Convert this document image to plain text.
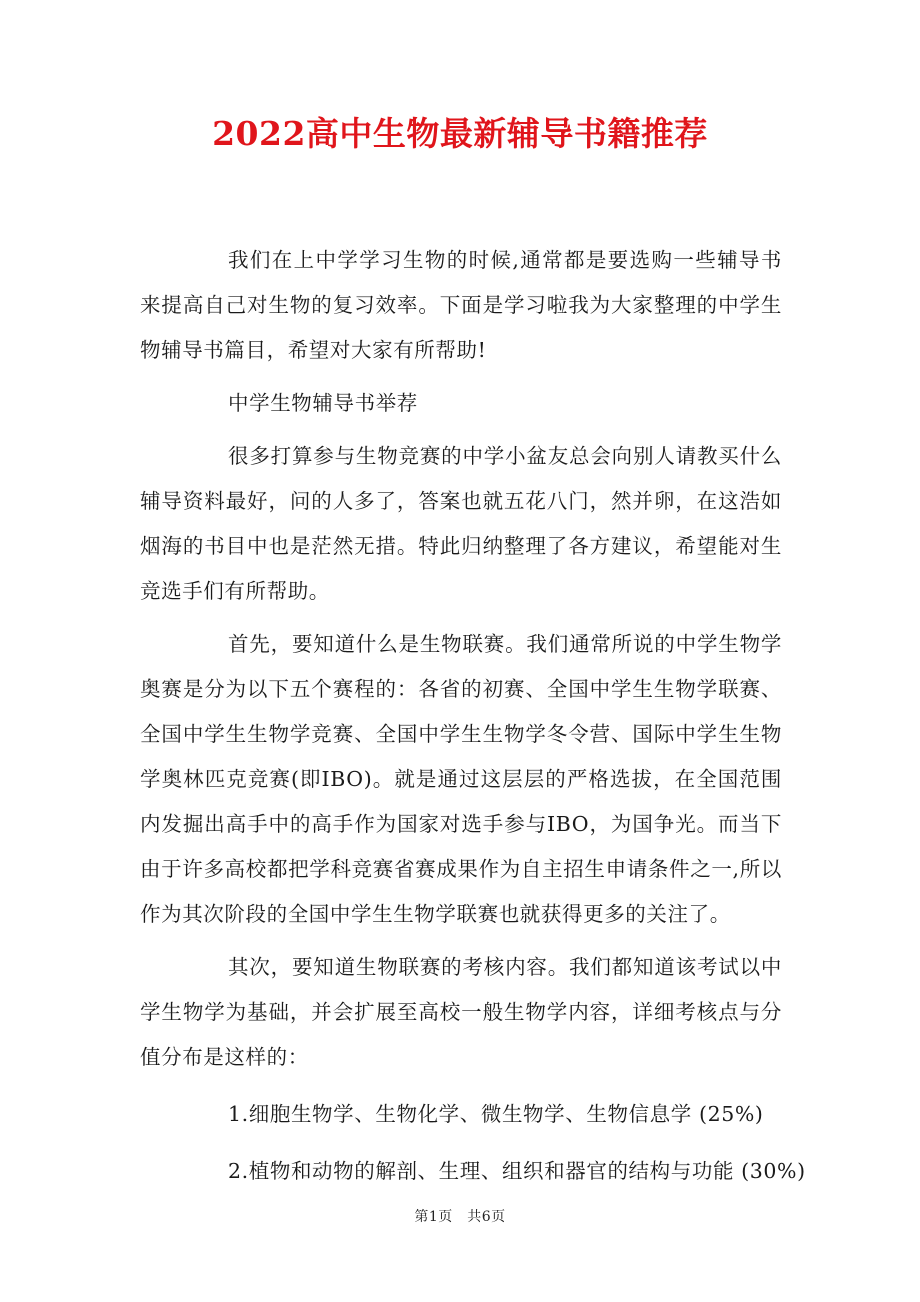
2022高中生物最新辅导书籍推荐

我们在上中学学习生物的时候,通常都是要选购一些辅导书来提高自己对生物的复习效率。下面是学习啦我为大家整理的中学生物辅导书篇目，希望对大家有所帮助!

中学生物辅导书举荐

很多打算参与生物竞赛的中学小盆友总会向别人请教买什么辅导资料最好，问的人多了，答案也就五花八门，然并卵，在这浩如烟海的书目中也是茫然无措。特此归纳整理了各方建议，希望能对生竞选手们有所帮助。

首先，要知道什么是生物联赛。我们通常所说的中学生物学奥赛是分为以下五个赛程的：各省的初赛、全国中学生生物学联赛、全国中学生生物学竞赛、全国中学生生物学冬令营、国际中学生生物学奥林匹克竞赛(即IBO)。就是通过这层层的严格选拔，在全国范围内发掘出高手中的高手作为国家对选手参与IBO，为国争光。而当下由于许多高校都把学科竞赛省赛成果作为自主招生申请条件之一,所以作为其次阶段的全国中学生生物学联赛也就获得更多的关注了。

其次，要知道生物联赛的考核内容。我们都知道该考试以中学生物学为基础，并会扩展至高校一般生物学内容，详细考核点与分值分布是这样的：

1.细胞生物学、生物化学、微生物学、生物信息学 (25%)

2.植物和动物的解剖、生理、组织和器官的结构与功能 (30%)

第1页　共6页
